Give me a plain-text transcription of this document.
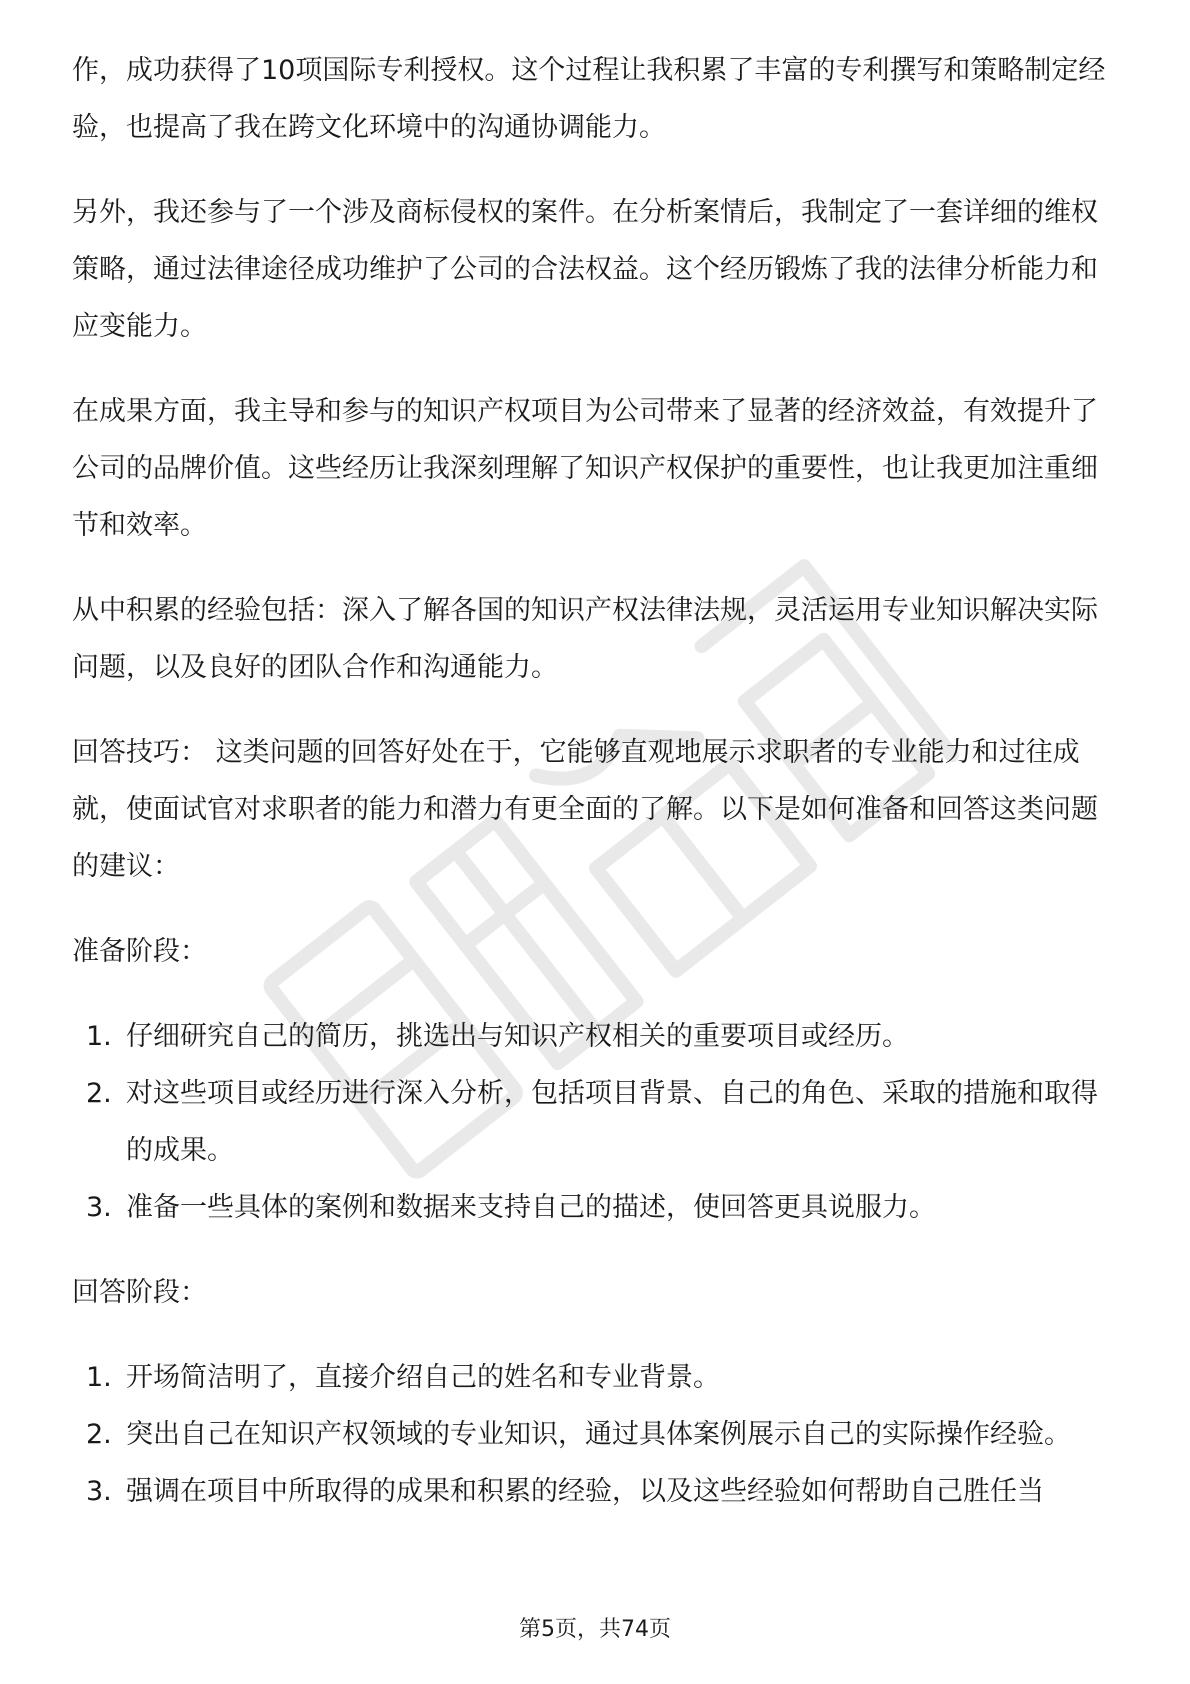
作，成功获得了10项国际专利授权。这个过程让我积累了丰富的专利撰写和策略制定经验，也提高了我在跨文化环境中的沟通协调能力。

另外，我还参与了一个涉及商标侵权的案件。在分析案情后，我制定了一套详细的维权策略，通过法律途径成功维护了公司的合法权益。这个经历锻炼了我的法律分析能力和应变能力。

在成果方面，我主导和参与的知识产权项目为公司带来了显著的经济效益，有效提升了公司的品牌价值。这些经历让我深刻理解了知识产权保护的重要性，也让我更加注重细节和效率。

从中积累的经验包括：深入了解各国的知识产权法律法规，灵活运用专业知识解决实际问题，以及良好的团队合作和沟通能力。

回答技巧： 这类问题的回答好处在于，它能够直观地展示求职者的专业能力和过往成就，使面试官对求职者的能力和潜力有更全面的了解。以下是如何准备和回答这类问题的建议：

准备阶段：

1. 仔细研究自己的简历，挑选出与知识产权相关的重要项目或经历。
2. 对这些项目或经历进行深入分析，包括项目背景、自己的角色、采取的措施和取得的成果。
3. 准备一些具体的案例和数据来支持自己的描述，使回答更具说服力。

回答阶段：

1. 开场简洁明了，直接介绍自己的姓名和专业背景。
2. 突出自己在知识产权领域的专业知识，通过具体案例展示自己的实际操作经验。
3. 强调在项目中所取得的成果和积累的经验，以及这些经验如何帮助自己胜任当
第5页，共74页
